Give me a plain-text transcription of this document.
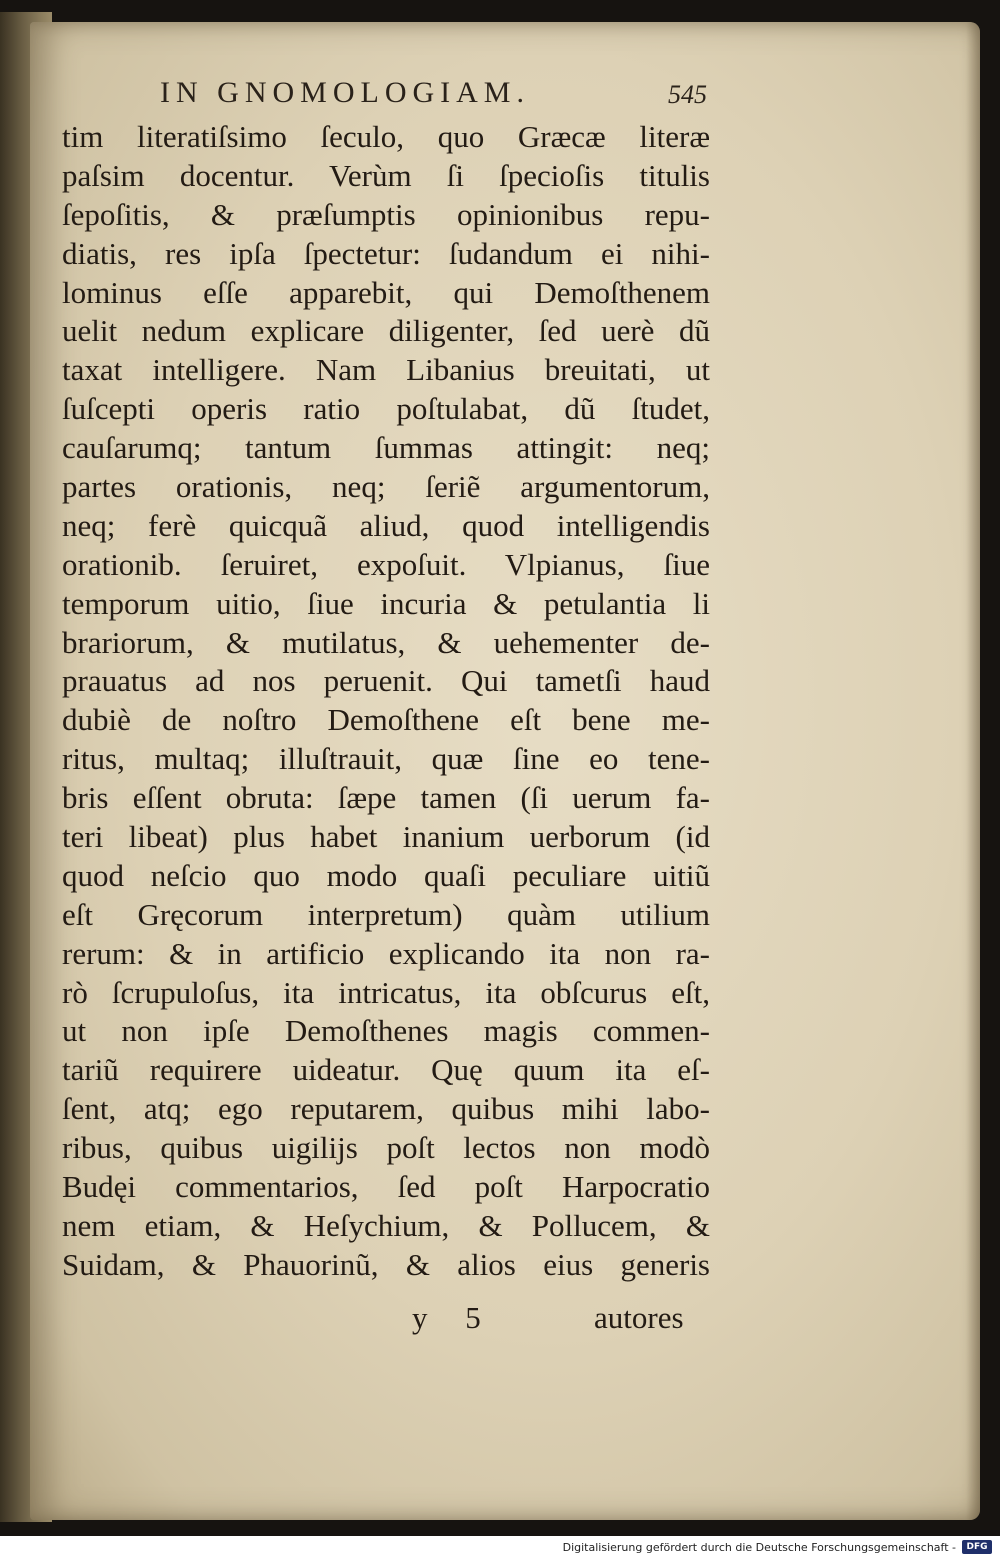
IN GNOMOLOGIAM.	545
tim literatiſsimo ſeculo, quo Græcæ literæ
paſsim docentur. Verùm ſi ſpecioſis titulis
ſepoſitis, & præſumptis opinionibus repu-
diatis, res ipſa ſpectetur: ſudandum ei nihi-
lominus eſſe apparebit, qui Demoſthenem
uelit nedum explicare diligenter, ſed uerè dũ
taxat intelligere. Nam Libanius breuitati, ut
ſuſcepti operis ratio poſtulabat, dũ ſtudet,
cauſarumq; tantum ſummas attingit: neq;
partes orationis, neq; ſeriẽ argumentorum,
neq; ferè quicquã aliud, quod intelligendis
orationib. ſeruiret, expoſuit. Vlpianus, ſiue
temporum uitio, ſiue incuria & petulantia li
brariorum, & mutilatus, & uehementer de-
prauatus ad nos peruenit. Qui tametſi haud
dubiè de noſtro Demoſthene eſt bene me-
ritus, multaq; illuſtrauit, quæ ſine eo tene-
bris eſſent obruta: ſæpe tamen (ſi uerum fa-
teri libeat) plus habet inanium uerborum (id
quod neſcio quo modo quaſi peculiare uitiũ
eſt Gręcorum interpretum) quàm utilium
rerum: & in artificio explicando ita non ra-
rò ſcrupuloſus, ita intricatus, ita obſcurus eſt,
ut non ipſe Demoſthenes magis commen-
tariũ requirere uideatur. Quę quum ita eſ-
ſent, atq; ego reputarem, quibus mihi labo-
ribus, quibus uigilijs poſt lectos non modò
Budęi commentarios, ſed poſt Harpocratio
nem etiam, & Heſychium, & Pollucem, &
Suidam, & Phauorinũ, & alios eius generis
y 5	autores
Digitalisierung gefördert durch die Deutsche Forschungsgemeinschaft -	DFG
